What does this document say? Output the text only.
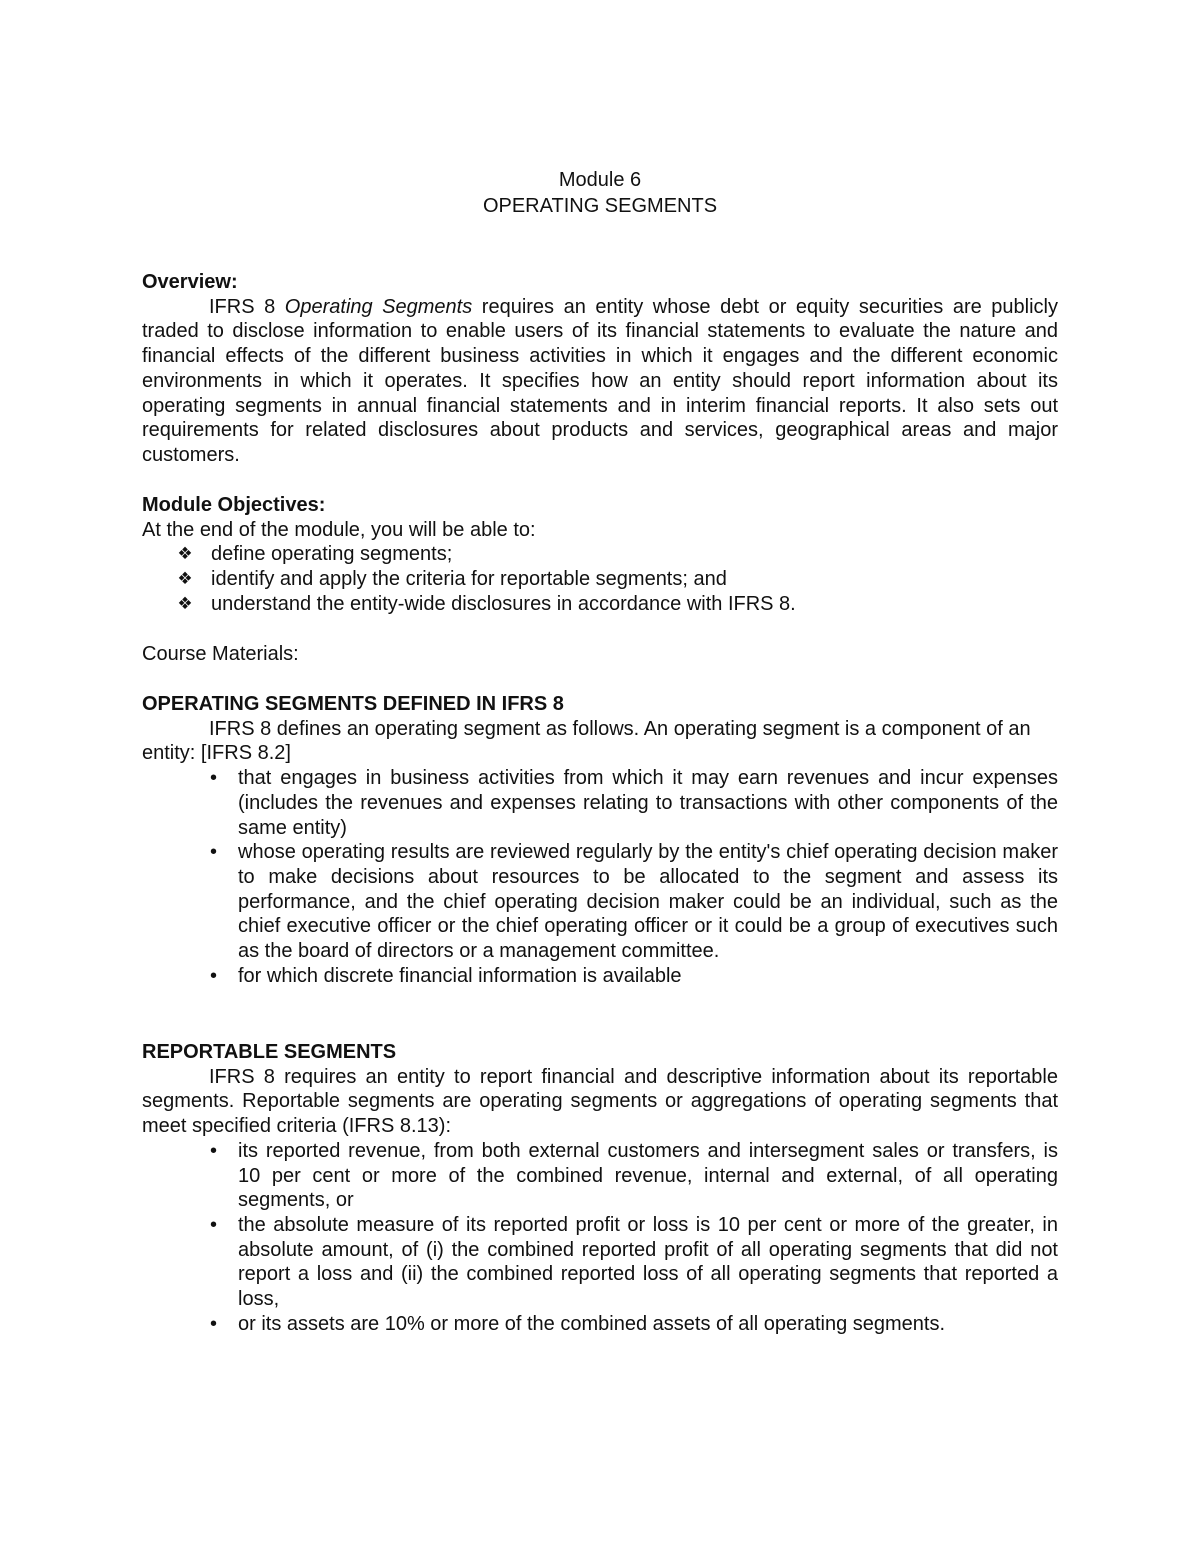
Module 6
OPERATING SEGMENTS
Overview:
IFRS 8 Operating Segments requires an entity whose debt or equity securities are publicly traded to disclose information to enable users of its financial statements to evaluate the nature and financial effects of the different business activities in which it engages and the different economic environments in which it operates. It specifies how an entity should report information about its operating segments in annual financial statements and in interim financial reports. It also sets out requirements for related disclosures about products and services, geographical areas and major customers.
Module Objectives:
At the end of the module, you will be able to:
❖ define operating segments;
❖ identify and apply the criteria for reportable segments; and
❖ understand the entity-wide disclosures in accordance with IFRS 8.
Course Materials:
OPERATING SEGMENTS DEFINED IN IFRS 8
IFRS 8 defines an operating segment as follows. An operating segment is a component of an entity: [IFRS 8.2]
• that engages in business activities from which it may earn revenues and incur expenses (includes the revenues and expenses relating to transactions with other components of the same entity)
• whose operating results are reviewed regularly by the entity's chief operating decision maker to make decisions about resources to be allocated to the segment and assess its performance, and the chief operating decision maker could be an individual, such as the chief executive officer or the chief operating officer or it could be a group of executives such as the board of directors or a management committee.
• for which discrete financial information is available
REPORTABLE SEGMENTS
IFRS 8 requires an entity to report financial and descriptive information about its reportable segments. Reportable segments are operating segments or aggregations of operating segments that meet specified criteria (IFRS 8.13):
• its reported revenue, from both external customers and intersegment sales or transfers, is 10 per cent or more of the combined revenue, internal and external, of all operating segments, or
• the absolute measure of its reported profit or loss is 10 per cent or more of the greater, in absolute amount, of (i) the combined reported profit of all operating segments that did not report a loss and (ii) the combined reported loss of all operating segments that reported a loss,
• or its assets are 10% or more of the combined assets of all operating segments.
